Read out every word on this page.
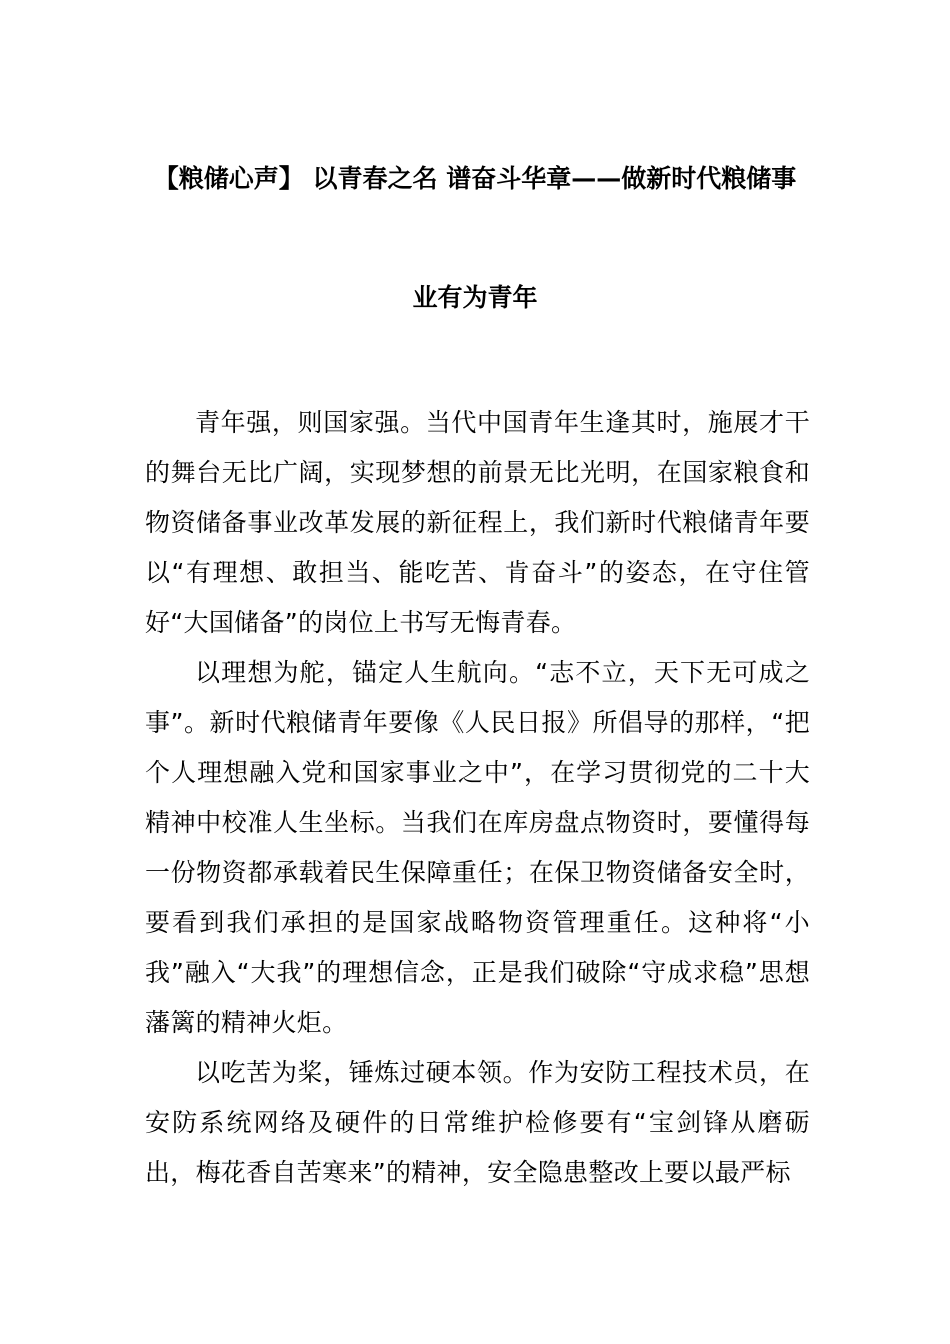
【粮储心声】 以青春之名 谱奋斗华章——做新时代粮储事
业有为青年

青年强，则国家强。当代中国青年生逢其时，施展才干的舞台无比广阔，实现梦想的前景无比光明，在国家粮食和物资储备事业改革发展的新征程上，我们新时代粮储青年要以“有理想、敢担当、能吃苦、肯奋斗”的姿态，在守住管好“大国储备”的岗位上书写无悔青春。

以理想为舵，锚定人生航向。“志不立，天下无可成之事”。新时代粮储青年要像《人民日报》所倡导的那样，“把个人理想融入党和国家事业之中”，在学习贯彻党的二十大精神中校准人生坐标。当我们在库房盘点物资时，要懂得每一份物资都承载着民生保障重任；在保卫物资储备安全时，要看到我们承担的是国家战略物资管理重任。这种将“小我”融入“大我”的理想信念，正是我们破除“守成求稳”思想藩篱的精神火炬。

以吃苦为桨，锤炼过硬本领。作为安防工程技术员，在安防系统网络及硬件的日常维护检修要有“宝剑锋从磨砺出，梅花香自苦寒来”的精神，安全隐患整改上要以最严标
